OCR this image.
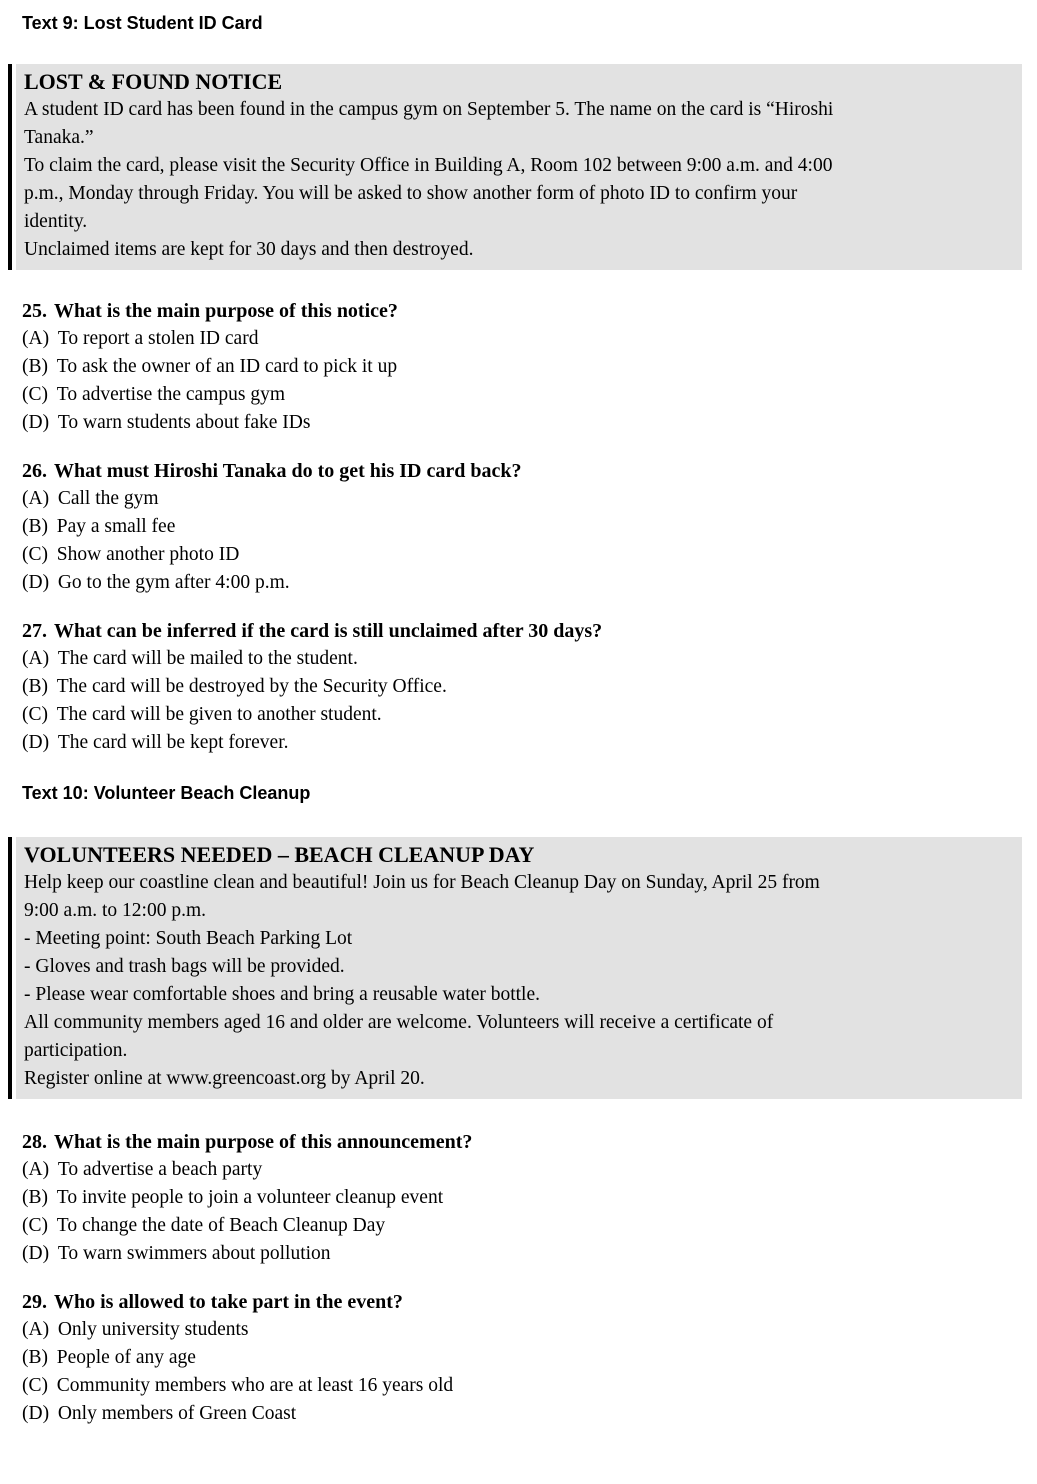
Text 9: Lost Student ID Card
LOST & FOUND NOTICE
A student ID card has been found in the campus gym on September 5. The name on the card is “Hiroshi
Tanaka.”
To claim the card, please visit the Security Office in Building A, Room 102 between 9:00 a.m. and 4:00
p.m., Monday through Friday. You will be asked to show another form of photo ID to confirm your
identity.
Unclaimed items are kept for 30 days and then destroyed.
25. What is the main purpose of this notice?
(A) To report a stolen ID card
(B) To ask the owner of an ID card to pick it up
(C) To advertise the campus gym
(D) To warn students about fake IDs
26. What must Hiroshi Tanaka do to get his ID card back?
(A) Call the gym
(B) Pay a small fee
(C) Show another photo ID
(D) Go to the gym after 4:00 p.m.
27. What can be inferred if the card is still unclaimed after 30 days?
(A) The card will be mailed to the student.
(B) The card will be destroyed by the Security Office.
(C) The card will be given to another student.
(D) The card will be kept forever.
Text 10: Volunteer Beach Cleanup
VOLUNTEERS NEEDED – BEACH CLEANUP DAY
Help keep our coastline clean and beautiful! Join us for Beach Cleanup Day on Sunday, April 25 from
9:00 a.m. to 12:00 p.m.
- Meeting point: South Beach Parking Lot
- Gloves and trash bags will be provided.
- Please wear comfortable shoes and bring a reusable water bottle.
All community members aged 16 and older are welcome. Volunteers will receive a certificate of
participation.
Register online at www.greencoast.org by April 20.
28. What is the main purpose of this announcement?
(A) To advertise a beach party
(B) To invite people to join a volunteer cleanup event
(C) To change the date of Beach Cleanup Day
(D) To warn swimmers about pollution
29. Who is allowed to take part in the event?
(A) Only university students
(B) People of any age
(C) Community members who are at least 16 years old
(D) Only members of Green Coast
